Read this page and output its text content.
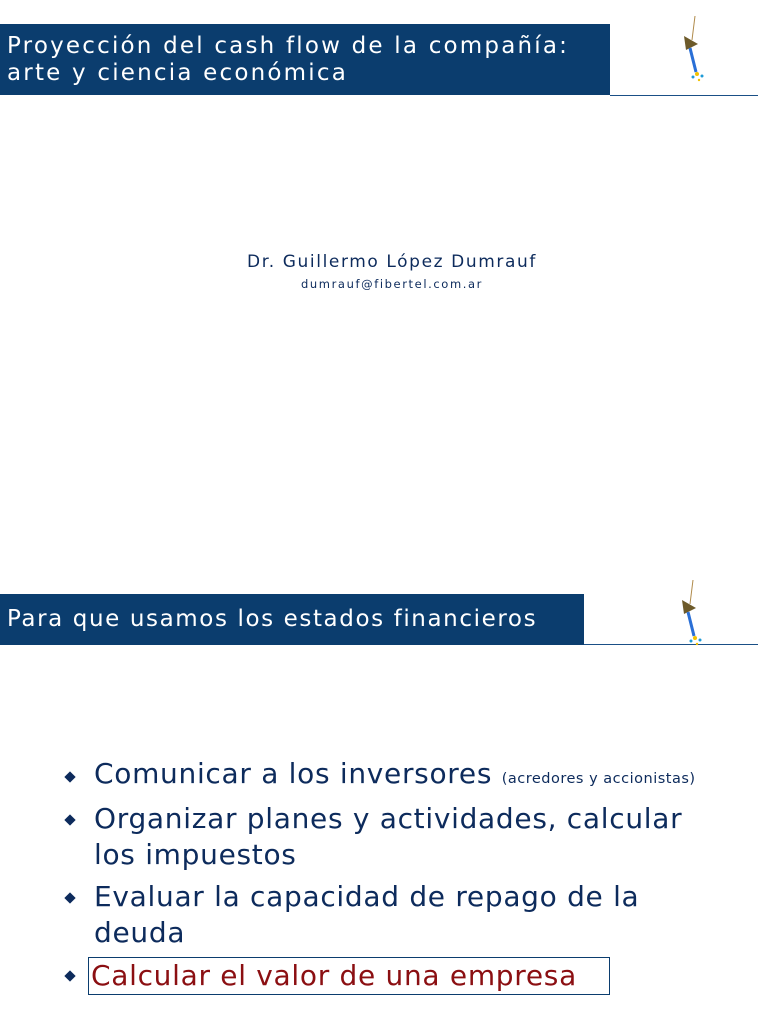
Proyección del cash flow de la compañía:
arte y ciencia económica
Dr. Guillermo López Dumrauf
dumrauf@fibertel.com.ar
Para que usamos los estados financieros
Comunicar a los inversores (acredores y accionistas)
Organizar planes y actividades, calcular los impuestos
Evaluar la capacidad de repago de la deuda
Calcular el valor de una empresa
